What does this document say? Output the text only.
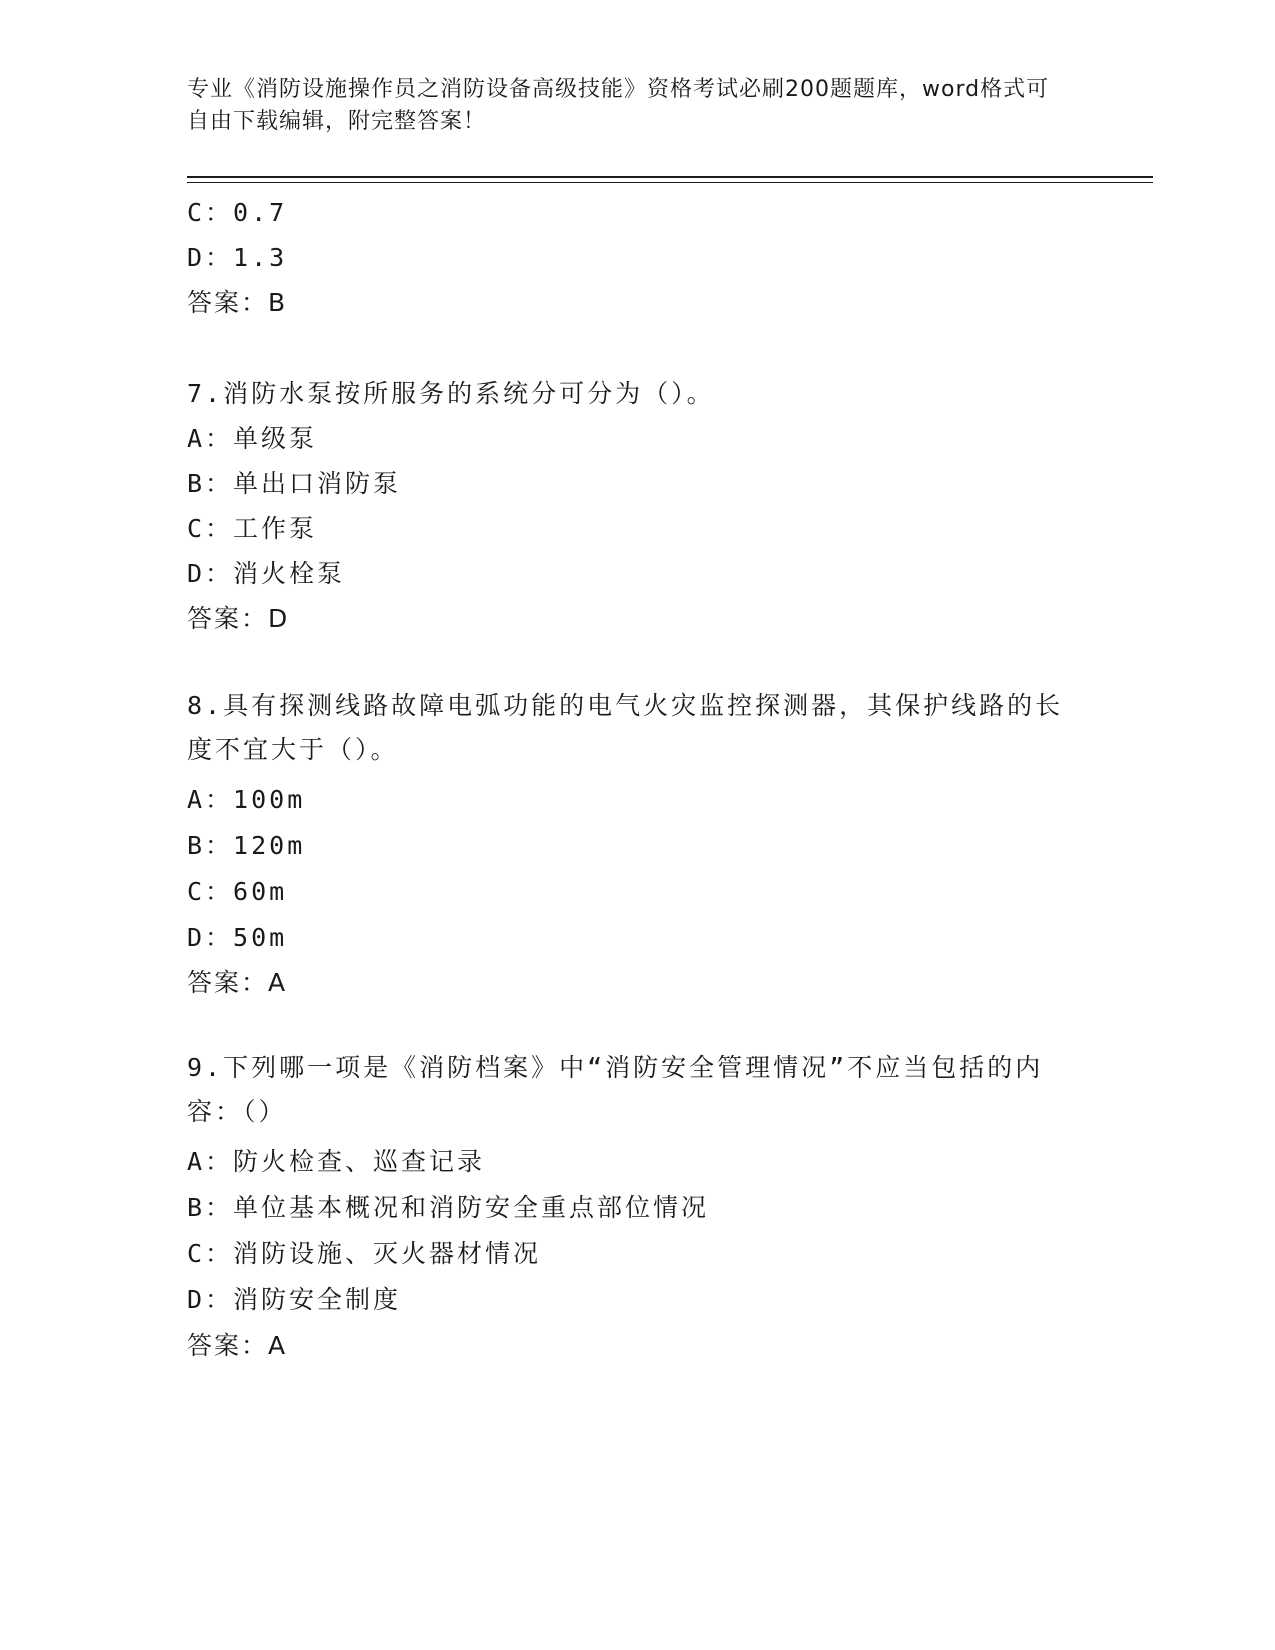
专业《消防设施操作员之消防设备高级技能》资格考试必刷200题题库，word格式可自由下载编辑，附完整答案！
C：0.7
D：1.3
答案：B
7.消防水泵按所服务的系统分可分为（）。
A：单级泵
B：单出口消防泵
C：工作泵
D：消火栓泵
答案：D
8.具有探测线路故障电弧功能的电气火灾监控探测器，其保护线路的长度不宜大于（）。
A：100m
B：120m
C：60m
D：50m
答案：A
9.下列哪一项是《消防档案》中“消防安全管理情况”不应当包括的内容：（）
A：防火检查、巡查记录
B：单位基本概况和消防安全重点部位情况
C：消防设施、灭火器材情况
D：消防安全制度
答案：A
